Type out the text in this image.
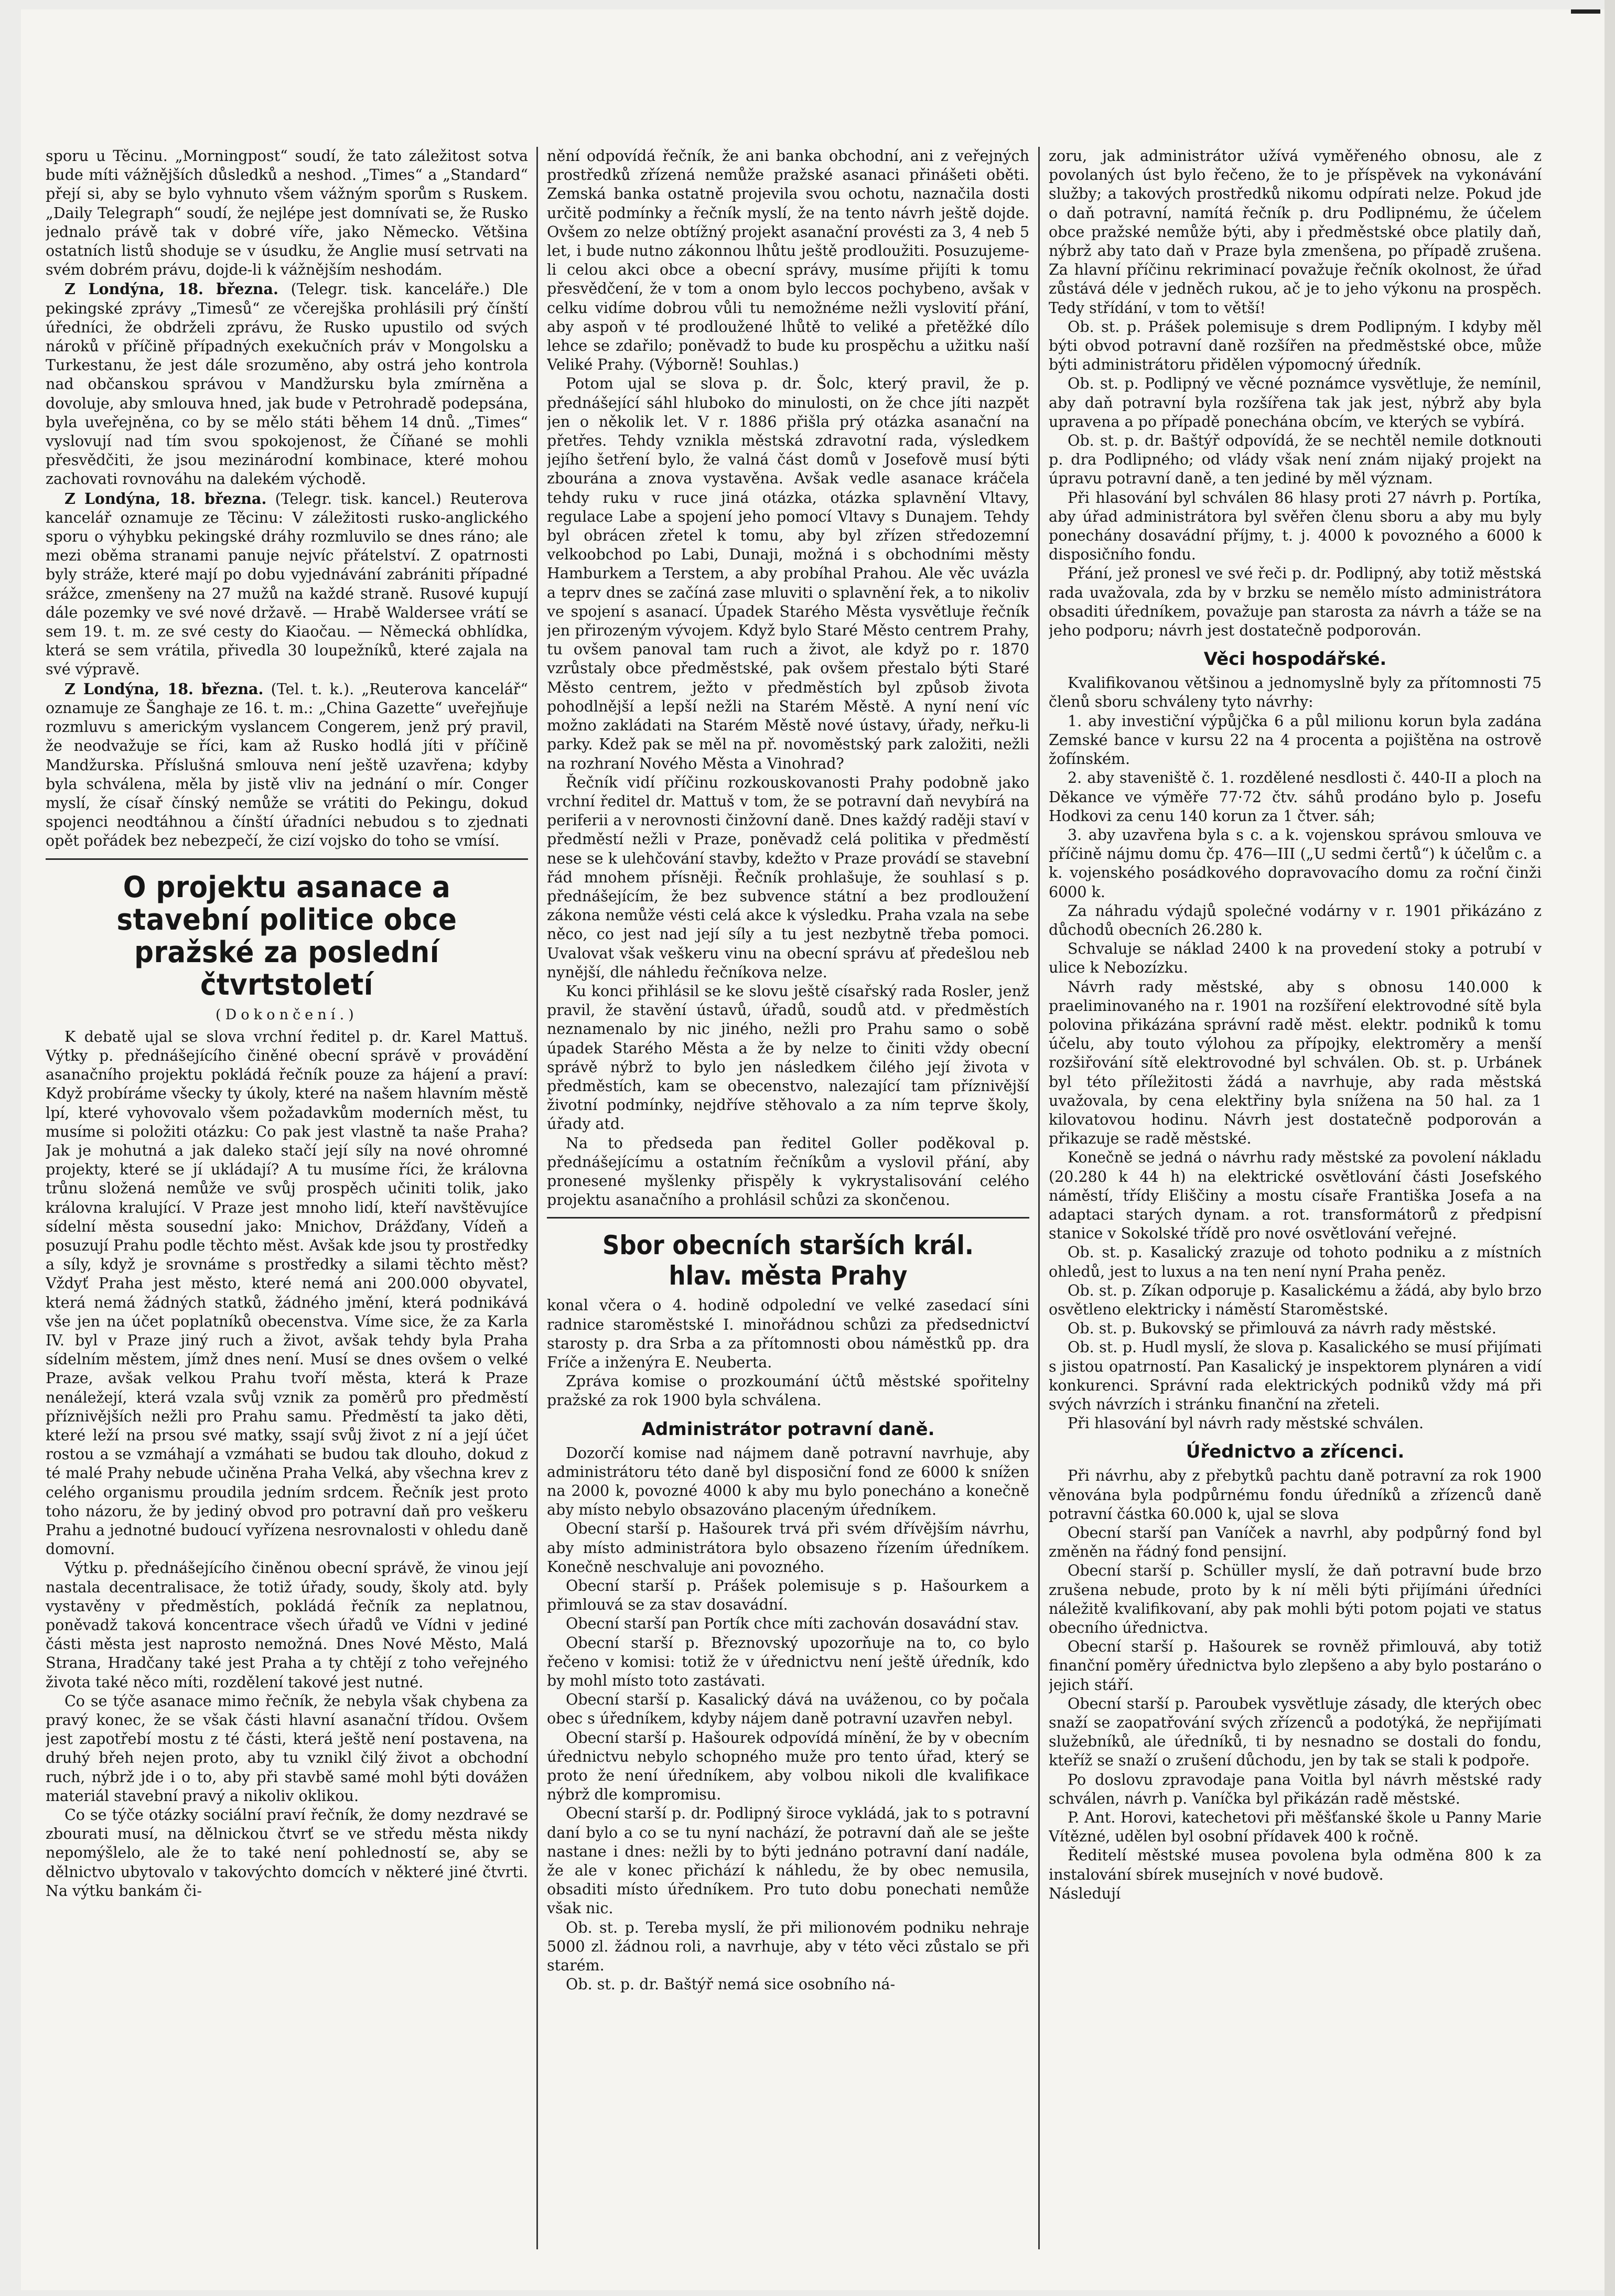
sporu u Těcinu. „Morningpost“ soudí, že tato záležitost sotva bude míti vážnějších důsledků a neshod. „Times“ a „Standard“ přejí si, aby se bylo vyhnuto všem vážným sporům s Ruskem. „Daily Telegraph“ soudí, že nejlépe jest domnívati se, že Rusko jednalo právě tak v dobré víře, jako Německo. Většina ostatních listů shoduje se v úsudku, že Anglie musí setrvati na svém dobrém právu, dojde-li k vážnějším neshodám.

Z Londýna, 18. března. (Telegr. tisk. kanceláře.) Dle pekingské zprávy „Timesů“ ze včerejška prohlásili prý čínští úředníci, že obdrželi zprávu, že Rusko upustilo od svých nároků v příčině případných exekučních práv v Mongolsku a Turkestanu, že jest dále srozuměno, aby ostrá jeho kontrola nad občanskou správou v Mandžursku byla zmírněna a dovoluje, aby smlouva hned, jak bude v Petrohradě podepsána, byla uveřejněna, co by se mělo státi během 14 dnů. „Times“ vyslovují nad tím svou spokojenost, že Číňané se mohli přesvědčiti, že jsou mezinárodní kombinace, které mohou zachovati rovnováhu na dalekém východě.

Z Londýna, 18. března. (Telegr. tisk. kancel.) Reuterova kancelář oznamuje ze Těcinu: V záležitosti rusko-anglického sporu o výhybku pekingské dráhy rozmluvilo se dnes ráno; ale mezi oběma stranami panuje nejvíc přátelství. Z opatrnosti byly stráže, které mají po dobu vyjednávání zabrániti případné srážce, zmenšeny na 27 mužů na každé straně. Rusové kupují dále pozemky ve své nové državě. — Hrabě Waldersee vrátí se sem 19. t. m. ze své cesty do Kiaočau. — Německá obhlídka, která se sem vrátila, přivedla 30 loupežníků, které zajala na své výpravě.

Z Londýna, 18. března. (Tel. t. k.). „Reuterova kancelář“ oznamuje ze Šanghaje ze 16. t. m.: „China Gazette“ uveřejňuje rozmluvu s americkým vyslancem Congerem, jenž prý pravil, že neodvažuje se říci, kam až Rusko hodlá jíti v příčině Mandžurska. Příslušná smlouva není ještě uzavřena; kdyby byla schválena, měla by jistě vliv na jednání o mír. Conger myslí, že císař čínský nemůže se vrátiti do Pekingu, dokud spojenci neodtáhnou a čínští úřadníci nebudou s to zjednati opět pořádek bez nebezpečí, že cizí vojsko do toho se vmísí.

O projektu asanace a stavební politice obce pražské za poslední čtvrtstoletí
(Dokončení.)

K debatě ujal se slova vrchní ředitel p. dr. Karel Mattuš. Výtky p. přednášejícího činěné obecní správě v provádění asanačního projektu pokládá řečník pouze za hájení a praví: Když probíráme všecky ty úkoly, které na našem hlavním městě lpí, které vyhovovalo všem požadavkům moderních měst, tu musíme si položiti otázku: Co pak jest vlastně ta naše Praha? Jak je mohutná a jak daleko stačí její síly na nové ohromné projekty, které se jí ukládají? A tu musíme říci, že královna trůnu složená nemůže ve svůj prospěch učiniti tolik, jako královna kralující. V Praze jest mnoho lidí, kteří navštěvujíce sídelní města sousední jako: Mnichov, Drážďany, Vídeň a posuzují Prahu podle těchto měst. Avšak kde jsou ty prostředky a síly, když je srovnáme s prostředky a silami těchto měst? Vždyť Praha jest město, které nemá ani 200.000 obyvatel, která nemá žádných statků, žádného jmění, která podnikává vše jen na účet poplatníků obecenstva. Víme sice, že za Karla IV. byl v Praze jiný ruch a život, avšak tehdy byla Praha sídelním městem, jímž dnes není. Musí se dnes ovšem o velké Praze, avšak velkou Prahu tvoří města, která k Praze nenáležejí, která vzala svůj vznik za poměrů pro předměstí příznivějších nežli pro Prahu samu. Předměstí ta jako děti, které leží na prsou své matky, ssají svůj život z ní a její účet rostou a se vzmáhají a vzmáhati se budou tak dlouho, dokud z té malé Prahy nebude učiněna Praha Velká, aby všechna krev z celého organismu proudila jedním srdcem. Řečník jest proto toho názoru, že by jediný obvod pro potravní daň pro veškeru Prahu a jednotné budoucí vyřízena nesrovnalosti v ohledu daně domovní.

Výtku p. přednášejícího činěnou obecní správě, že vinou její nastala decentralisace, že totiž úřady, soudy, školy atd. byly vystavěny v předměstích, pokládá řečník za neplatnou, poněvadž taková koncentrace všech úřadů ve Vídni v jediné části města jest naprosto nemožná. Dnes Nové Město, Malá Strana, Hradčany také jest Praha a ty chtějí z toho veřejného života také něco míti, rozdělení takové jest nutné.

Co se týče asanace mimo řečník, že nebyla však chybena za pravý konec, že se však části hlavní asanační třídou. Ovšem jest zapotřebí mostu z té části, která ještě není postavena, na druhý břeh nejen proto, aby tu vznikl čilý život a obchodní ruch, nýbrž jde i o to, aby při stavbě samé mohl býti dovážen materiál stavební pravý a nikoliv oklikou.

Co se týče otázky sociální praví řečník, že domy nezdravé se zbourati musí, na dělnickou čtvrť se ve středu města nikdy nepomýšlelo, ale že to také není pohledností se, aby se dělnictvo ubytovalo v takovýchto domcích v některé jiné čtvrti. Na výtku bankám či-

nění odpovídá řečník, že ani banka obchodní, ani z veřejných prostředků zřízená nemůže pražské asanaci přinášeti oběti. Zemská banka ostatně projevila svou ochotu, naznačila dosti určitě podmínky a řečník myslí, že na tento návrh ještě dojde. Ovšem zo nelze obtížný projekt asanační provésti za 3, 4 neb 5 let, i bude nutno zákonnou lhůtu ještě prodloužiti. Posuzujeme-li celou akci obce a obecní správy, musíme přijíti k tomu přesvědčení, že v tom a onom bylo leccos pochybeno, avšak v celku vidíme dobrou vůli tu nemožnéme nežli vyslovití přání, aby aspoň v té prodloužené lhůtě to veliké a přetěžké dílo lehce se zdařilo; poněvadž to bude ku prospěchu a užitku naší Veliké Prahy. (Výborně! Souhlas.)

Potom ujal se slova p. dr. Šolc, který pravil, že p. přednášející sáhl hluboko do minulosti, on že chce jíti nazpět jen o několik let. V r. 1886 přišla prý otázka asanační na přetřes. Tehdy vznikla městská zdravotní rada, výsledkem jejího šetření bylo, že valná část domů v Josefově musí býti zbourána a znova vystavěna. Avšak vedle asanace kráčela tehdy ruku v ruce jiná otázka, otázka splavnění Vltavy, regulace Labe a spojení jeho pomocí Vltavy s Dunajem. Tehdy byl obrácen zřetel k tomu, aby byl zřízen středozemní velkoobchod po Labi, Dunaji, možná i s obchodními městy Hamburkem a Terstem, a aby probíhal Prahou. Ale věc uvázla a teprv dnes se začíná zase mluviti o splavnění řek, a to nikoliv ve spojení s asanací. Úpadek Starého Města vysvětluje řečník jen přirozeným vývojem. Když bylo Staré Město centrem Prahy, tu ovšem panoval tam ruch a život, ale když po r. 1870 vzrůstaly obce předměstské, pak ovšem přestalo býti Staré Město centrem, ježto v předměstích byl způsob života pohodlnější a lepší nežli na Starém Městě. A nyní není víc možno zakládati na Starém Městě nové ústavy, úřady, neřku-li parky. Kdež pak se měl na př. novoměstský park založiti, nežli na rozhraní Nového Města a Vinohrad?

Řečník vidí příčinu rozkouskovanosti Prahy podobně jako vrchní ředitel dr. Mattuš v tom, že se potravní daň nevybírá na periferii a v nerovnosti činžovní daně. Dnes každý raději staví v předměstí nežli v Praze, poněvadž celá politika v předměstí nese se k ulehčování stavby, kdežto v Praze provádí se stavební řád mnohem přísněji. Řečník prohlašuje, že souhlasí s p. přednášejícím, že bez subvence státní a bez prodloužení zákona nemůže vésti celá akce k výsledku. Praha vzala na sebe něco, co jest nad její síly a tu jest nezbytně třeba pomoci. Uvalovat však veškeru vinu na obecní správu ať předešlou neb nynější, dle náhledu řečníkova nelze.

Ku konci přihlásil se ke slovu ještě císařský rada Rosler, jenž pravil, že stavění ústavů, úřadů, soudů atd. v předměstích neznamenalo by nic jiného, nežli pro Prahu samo o sobě úpadek Starého Města a že by nelze to činiti vždy obecní správě nýbrž to bylo jen následkem čilého její života v předměstích, kam se obecenstvo, nalezající tam příznivější životní podmínky, nejdříve stěhovalo a za ním teprve školy, úřady atd.

Na to předseda pan ředitel Goller poděkoval p. přednášejícímu a ostatním řečníkům a vyslovil přání, aby pronesené myšlenky přispěly k vykrystalisování celého projektu asanačního a prohlásil schůzi za skončenou.

Sbor obecních starších král. hlav. města Prahy

konal včera o 4. hodině odpolední ve velké zasedací síni radnice staroměstské I. minořádnou schůzi za předsednictví starosty p. dra Srba a za přítomnosti obou náměstků pp. dra Fríče a inženýra E. Neuberta.

Zpráva komise o prozkoumání účtů městské spořitelny pražské za rok 1900 byla schválena.

Administrátor potravní daně.

Dozorčí komise nad nájmem daně potravní navrhuje, aby administrátoru této daně byl disposiční fond ze 6000 k snížen na 2000 k, povozné 4000 k aby mu bylo ponecháno a konečně aby místo nebylo obsazováno placeným úředníkem.

Obecní starší p. Hašourek trvá při svém dřívějším návrhu, aby místo administrátora bylo obsazeno řízením úředníkem. Konečně neschvaluje ani povozného.

Obecní starší p. Prášek polemisuje s p. Hašourkem a přimlouvá se za stav dosavádní.

Obecní starší pan Portík chce míti zachován dosavádní stav.

Obecní starší p. Březnovský upozorňuje na to, co bylo řečeno v komisi: totiž že v úřednictvu není ještě úředník, kdo by mohl místo toto zastávati.

Obecní starší p. Kasalický dává na uváženou, co by počala obec s úředníkem, kdyby nájem daně potravní uzavřen nebyl.

Obecní starší p. Hašourek odpovídá mínění, že by v obecním úřednictvu nebylo schopného muže pro tento úřad, který se proto že není úředníkem, aby volbou nikoli dle kvalifikace nýbrž dle kompromisu.

Obecní starší p. dr. Podlipný široce vykládá, jak to s potravní daní bylo a co se tu nyní nachází, že potravní daň ale se ješte nastane i dnes: nežli by to býti jednáno potravní daní nadále, že ale v konec přichází k náhledu, že by obec nemusila, obsaditi místo úředníkem. Pro tuto dobu ponechati nemůže však nic.

Ob. st. p. Tereba myslí, že při milionovém podniku nehraje 5000 zl. žádnou roli, a navrhuje, aby v této věci zůstalo se při starém.

Ob. st. p. dr. Baštýř nemá sice osobního ná-

zoru, jak administrátor užívá vyměřeného obnosu, ale z povolaných úst bylo řečeno, že to je příspěvek na vykonávání služby; a takových prostředků nikomu odpírati nelze. Pokud jde o daň potravní, namítá řečník p. dru Podlipnému, že účelem obce pražské nemůže býti, aby i předměstské obce platily daň, nýbrž aby tato daň v Praze byla zmenšena, po případě zrušena. Za hlavní příčinu rekriminací považuje řečník okolnost, že úřad zůstává déle v jedněch rukou, ač je to jeho výkonu na prospěch. Tedy střídání, v tom to větší!

Ob. st. p. Prášek polemisuje s drem Podlipným. I kdyby měl býti obvod potravní daně rozšířen na předměstské obce, může býti administrátoru přidělen výpomocný úředník.

Ob. st. p. Podlipný ve věcné poznámce vysvětluje, že nemínil, aby daň potravní byla rozšířena tak jak jest, nýbrž aby byla upravena a po případě ponechána obcím, ve kterých se vybírá.

Ob. st. p. dr. Baštýř odpovídá, že se nechtěl nemile dotknouti p. dra Podlipného; od vlády však není znám nijaký projekt na úpravu potravní daně, a ten jediné by měl význam.

Při hlasování byl schválen 86 hlasy proti 27 návrh p. Portíka, aby úřad administrátora byl svěřen členu sboru a aby mu byly ponechány dosavádní příjmy, t. j. 4000 k povozného a 6000 k disposičního fondu.

Přání, jež pronesl ve své řeči p. dr. Podlipný, aby totiž městská rada uvažovala, zda by v brzku se nemělo místo administrátora obsaditi úředníkem, považuje pan starosta za návrh a táže se na jeho podporu; návrh jest dostatečně podporován.

Věci hospodářské.

Kvalifikovanou většinou a jednomyslně byly za přítomnosti 75 členů sboru schváleny tyto návrhy:

1. aby investiční výpůjčka 6 a půl milionu korun byla zadána Zemské bance v kursu 22 na 4 procenta a pojištěna na ostrově žofínském.

2. aby staveniště č. 1. rozdělené nesdlosti č. 440-II a ploch na Děkance ve výměře 77·72 čtv. sáhů prodáno bylo p. Josefu Hodkovi za cenu 140 korun za 1 čtver. sáh;

3. aby uzavřena byla s c. a k. vojenskou správou smlouva ve příčině nájmu domu čp. 476—III („U sedmi čertů“) k účelům c. a k. vojenského posádkového dopravovacího domu za roční činži 6000 k.

Za náhradu výdajů společné vodárny v r. 1901 přikázáno z důchodů obecních 26.280 k.

Schvaluje se náklad 2400 k na provedení stoky a potrubí v ulice k Nebozízku.

Návrh rady městské, aby s obnosu 140.000 k praeliminovaného na r. 1901 na rozšíření elektrovodné sítě byla polovina přikázána správní radě měst. elektr. podniků k tomu účelu, aby touto výlohou za přípojky, elektroměry a menší rozšiřování sítě elektrovodné byl schválen. Ob. st. p. Urbánek byl této příležitosti žádá a navrhuje, aby rada městská uvažovala, by cena elektřiny byla snížena na 50 hal. za 1 kilovatovou hodinu. Návrh jest dostatečně podporován a přikazuje se radě městské.

Konečně se jedná o návrhu rady městské za povolení nákladu (20.280 k 44 h) na elektrické osvětlování části Josefského náměstí, třídy Eliščiny a mostu císaře Františka Josefa a na adaptaci starých dynam. a rot. transformátorů z předpisní stanice v Sokolské třídě pro nové osvětlování veřejné.

Ob. st. p. Kasalický zrazuje od tohoto podniku a z místních ohledů, jest to luxus a na ten není nyní Praha peněz.

Ob. st. p. Zíkan odporuje p. Kasalickému a žádá, aby bylo brzo osvětleno elektricky i náměstí Staroměstské.

Ob. st. p. Bukovský se přimlouvá za návrh rady městské.

Ob. st. p. Hudl myslí, že slova p. Kasalického se musí přijímati s jistou opatrností. Pan Kasalický je inspektorem plynáren a vidí konkurenci. Správní rada elektrických podniků vždy má při svých návrzích i stránku finanční na zřeteli.

Při hlasování byl návrh rady městské schválen.

Úřednictvo a zřícenci.

Při návrhu, aby z přebytků pachtu daně potravní za rok 1900 věnována byla podpůrnému fondu úředníků a zřízenců daně potravní částka 60.000 k, ujal se slova

Obecní starší pan Vaníček a navrhl, aby podpůrný fond byl změněn na řádný fond pensijní.

Obecní starší p. Schüller myslí, že daň potravní bude brzo zrušena nebude, proto by k ní měli býti přijímáni úředníci náležitě kvalifikovaní, aby pak mohli býti potom pojati ve status obecního úřednictva.

Obecní starší p. Hašourek se rovněž přimlouvá, aby totiž finanční poměry úřednictva bylo zlepšeno a aby bylo postaráno o jejich stáří.

Obecní starší p. Paroubek vysvětluje zásady, dle kterých obec snaží se zaopatřování svých zřízenců a podotýká, že nepřijímati služebníků, ale úředníků, ti by nesnadno se dostali do fondu, kteříž se snaží o zrušení důchodu, jen by tak se stali k podpoře.

Po doslovu zpravodaje pana Voitla byl návrh městské rady schválen, návrh p. Vaníčka byl přikázán radě městské.

P. Ant. Horovi, katechetovi při měšťanské škole u Panny Marie Vítězné, udělen byl osobní přídavek 400 k ročně.

Ředitelí městské musea povolena byla odměna 800 k za instalování sbírek musejních v nové budově.

Následují
